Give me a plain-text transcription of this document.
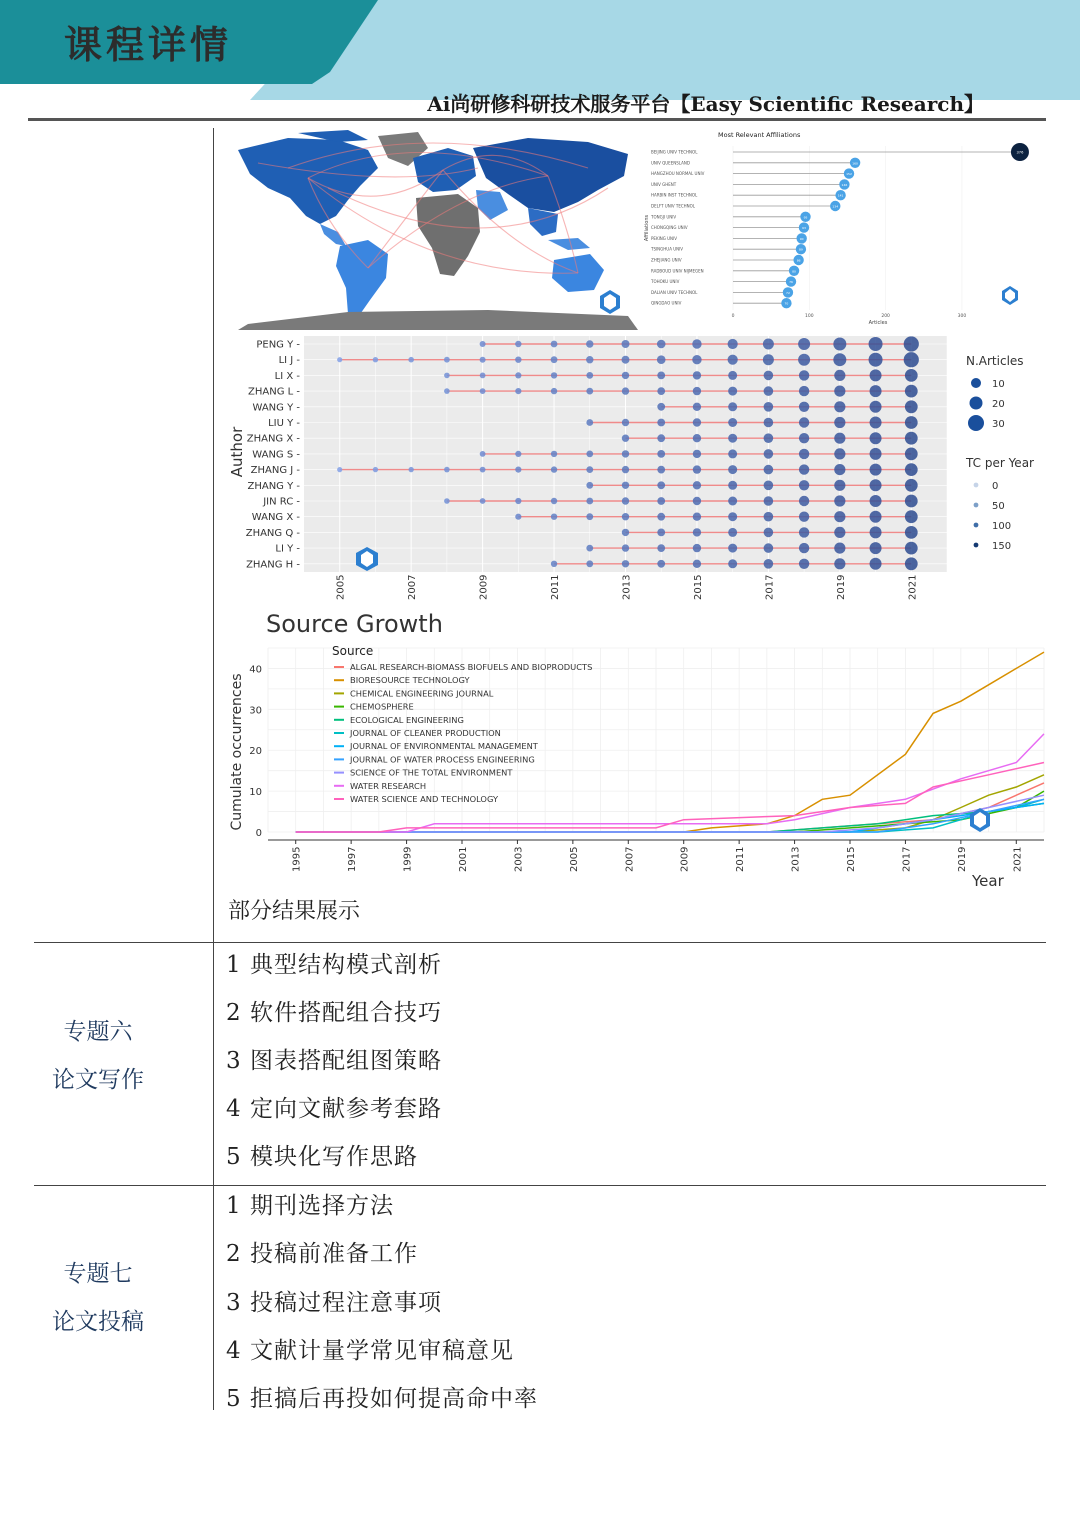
课程详情
Ai尚研修科研技术服务平台【Easy Scientific Research】
Most Relevant Affiliations
Affiliations
Articles
0	100	200	300
BEIJING UNIV TECHNOL	376
UNIV QUEENSLAND	160
HANGZHOU NORMAL UNIV	152
UNIV GHENT	146
HARBIN INST TECHNOL	141
DELFT UNIV TECHNOL	134
TONGJI UNIV	95
CHONGQING UNIV	93
PEKING UNIV	90
TSINGHUA UNIV	89
ZHEJIANG UNIV	86
RADBOUD UNIV NIJMEGEN	80
TOHOKU UNIV	76
DALIAN UNIV TECHNOL	72
QINGDAO UNIV	70
Author
2005	2007	2009	2011	2013	2015	2017	2019	2021
PENG Y -
LI J -
LI X -
ZHANG L -
WANG Y -
LIU Y -
ZHANG X -
WANG S -
ZHANG J -
ZHANG Y -
JIN RC -
WANG X -
ZHANG Q -
LI Y -
ZHANG H -
N.Articles
TC per Year
10
20
30
0
50
100
150
Source Growth
Cumulate occurrences
Year
0
10
20
30
40
1995	1997	1999	2001	2003	2005	2007	2009	2011	2013	2015	2017	2019	2021
Source
ALGAL RESEARCH-BIOMASS BIOFUELS AND BIOPRODUCTS
BIORESOURCE TECHNOLOGY
CHEMICAL ENGINEERING JOURNAL
CHEMOSPHERE
ECOLOGICAL ENGINEERING
JOURNAL OF CLEANER PRODUCTION
JOURNAL OF ENVIRONMENTAL MANAGEMENT
JOURNAL OF WATER PROCESS ENGINEERING
SCIENCE OF THE TOTAL ENVIRONMENT
WATER RESEARCH
WATER SCIENCE AND TECHNOLOGY
部分结果展示
专题六
论文写作
1 典型结构模式剖析
2 软件搭配组合技巧
3 图表搭配组图策略
4 定向文献参考套路
5 模块化写作思路
专题七
论文投稿
1 期刊选择方法
2 投稿前准备工作
3 投稿过程注意事项
4 文献计量学常见审稿意见
5 拒搞后再投如何提高命中率
